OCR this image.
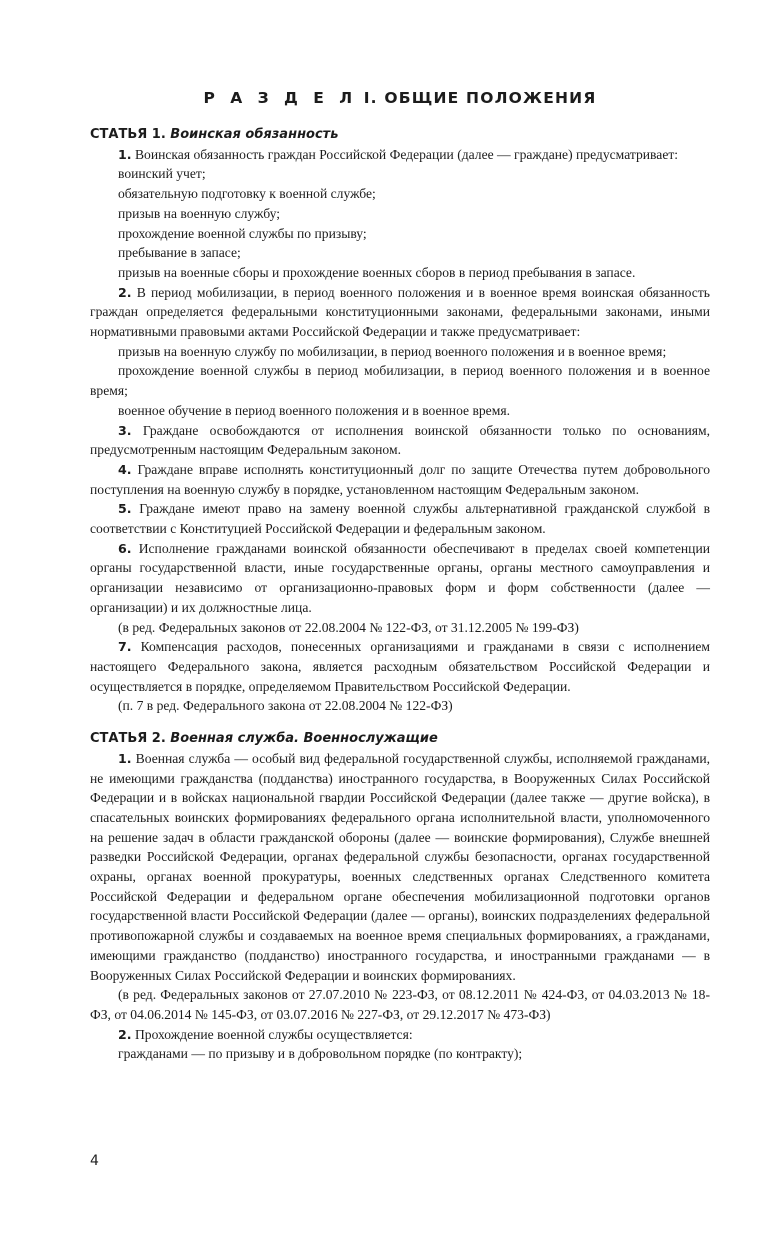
Р А З Д Е Л I. ОБЩИЕ ПОЛОЖЕНИЯ

СТАТЬЯ 1. Воинская обязанность

1. Воинская обязанность граждан Российской Федерации (далее — граждане) предусматривает:

воинский учет;

обязательную подготовку к военной службе;

призыв на военную службу;

прохождение военной службы по призыву;

пребывание в запасе;

призыв на военные сборы и прохождение военных сборов в период пребывания в запасе.

2. В период мобилизации, в период военного положения и в военное время воинская обязанность граждан определяется федеральными конституционными законами, федеральными законами, иными нормативными правовыми актами Российской Федерации и также предусматривает:

призыв на военную службу по мобилизации, в период военного положения и в военное время;

прохождение военной службы в период мобилизации, в период военного положения и в военное время;

военное обучение в период военного положения и в военное время.

3. Граждане освобождаются от исполнения воинской обязанности только по основаниям, предусмотренным настоящим Федеральным законом.

4. Граждане вправе исполнять конституционный долг по защите Отечества путем добровольного поступления на военную службу в порядке, установленном настоящим Федеральным законом.

5. Граждане имеют право на замену военной службы альтернативной гражданской службой в соответствии с Конституцией Российской Федерации и федеральным законом.

6. Исполнение гражданами воинской обязанности обеспечивают в пределах своей компетенции органы государственной власти, иные государственные органы, органы местного самоуправления и организации независимо от организационно-правовых форм и форм собственности (далее — организации) и их должностные лица.

(в ред. Федеральных законов от 22.08.2004 № 122-ФЗ, от 31.12.2005 № 199-ФЗ)

7. Компенсация расходов, понесенных организациями и гражданами в связи с исполнением настоящего Федерального закона, является расходным обязательством Российской Федерации и осуществляется в порядке, определяемом Правительством Российской Федерации.

(п. 7 в ред. Федерального закона от 22.08.2004 № 122-ФЗ)

СТАТЬЯ 2. Военная служба. Военнослужащие

1. Военная служба — особый вид федеральной государственной службы, исполняемой гражданами, не имеющими гражданства (подданства) иностранного государства, в Вооруженных Силах Российской Федерации и в войсках национальной гвардии Российской Федерации (далее также — другие войска), в спасательных воинских формированиях федерального органа исполнительной власти, уполномоченного на решение задач в области гражданской обороны (далее — воинские формирования), Службе внешней разведки Российской Федерации, органах федеральной службы безопасности, органах государственной охраны, органах военной прокуратуры, военных следственных органах Следственного комитета Российской Федерации и федеральном органе обеспечения мобилизационной подготовки органов государственной власти Российской Федерации (далее — органы), воинских подразделениях федеральной противопожарной службы и создаваемых на военное время специальных формированиях, а гражданами, имеющими гражданство (подданство) иностранного государства, и иностранными гражданами — в Вооруженных Силах Российской Федерации и воинских формированиях.

(в ред. Федеральных законов от 27.07.2010 № 223-ФЗ, от 08.12.2011 № 424-ФЗ, от 04.03.2013 № 18-ФЗ, от 04.06.2014 № 145-ФЗ, от 03.07.2016 № 227-ФЗ, от 29.12.2017 № 473-ФЗ)

2. Прохождение военной службы осуществляется:

гражданами — по призыву и в добровольном порядке (по контракту);

4
